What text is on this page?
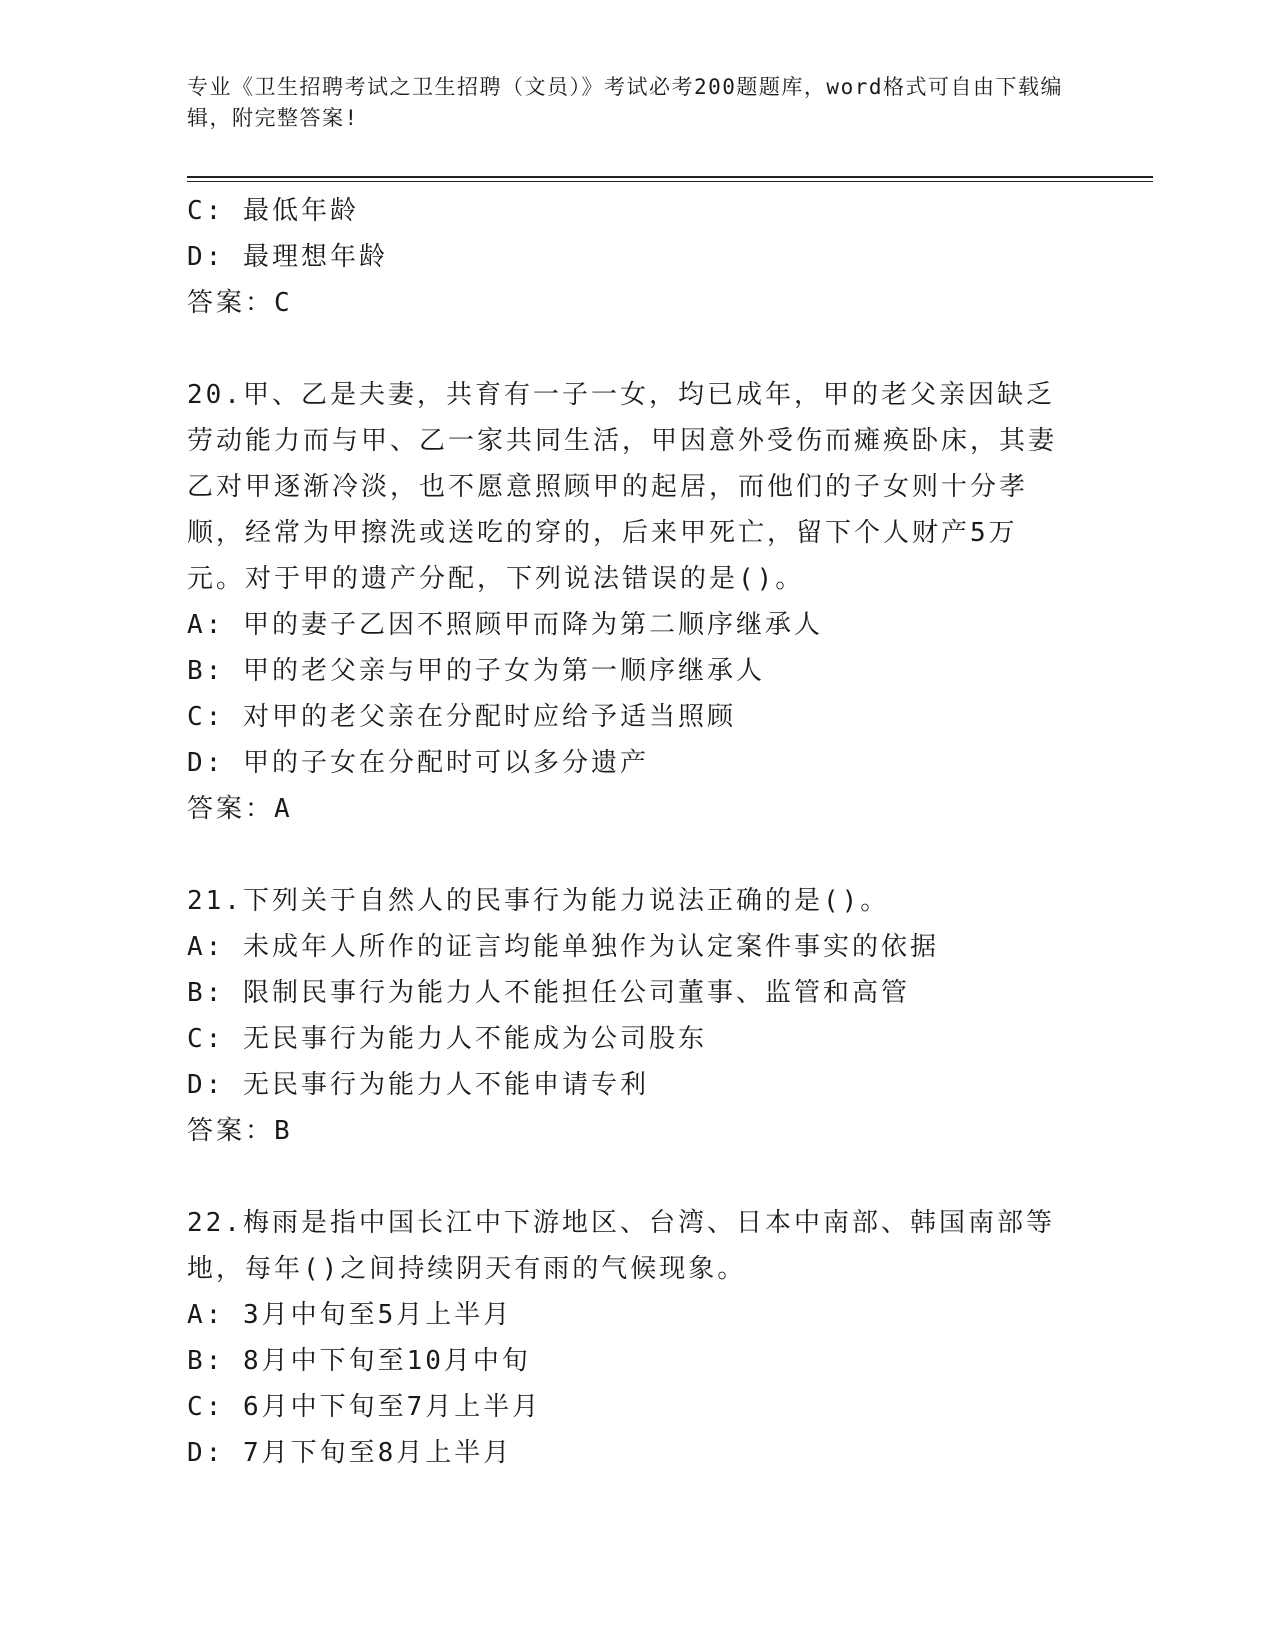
专业《卫生招聘考试之卫生招聘（文员）》考试必考200题题库，word格式可自由下载编辑，附完整答案!
C: 最低年龄
D: 最理想年龄
答案：C
20.甲、乙是夫妻，共育有一子一女，均已成年，甲的老父亲因缺乏劳动能力而与甲、乙一家共同生活，甲因意外受伤而瘫痪卧床，其妻乙对甲逐渐冷淡，也不愿意照顾甲的起居，而他们的子女则十分孝顺，经常为甲擦洗或送吃的穿的，后来甲死亡，留下个人财产5万元。对于甲的遗产分配，下列说法错误的是()。
A: 甲的妻子乙因不照顾甲而降为第二顺序继承人
B: 甲的老父亲与甲的子女为第一顺序继承人
C: 对甲的老父亲在分配时应给予适当照顾
D: 甲的子女在分配时可以多分遗产
答案：A
21.下列关于自然人的民事行为能力说法正确的是()。
A: 未成年人所作的证言均能单独作为认定案件事实的依据
B: 限制民事行为能力人不能担任公司董事、监管和高管
C: 无民事行为能力人不能成为公司股东
D: 无民事行为能力人不能申请专利
答案：B
22.梅雨是指中国长江中下游地区、台湾、日本中南部、韩国南部等地，每年()之间持续阴天有雨的气候现象。
A: 3月中旬至5月上半月
B: 8月中下旬至10月中旬
C: 6月中下旬至7月上半月
D: 7月下旬至8月上半月
